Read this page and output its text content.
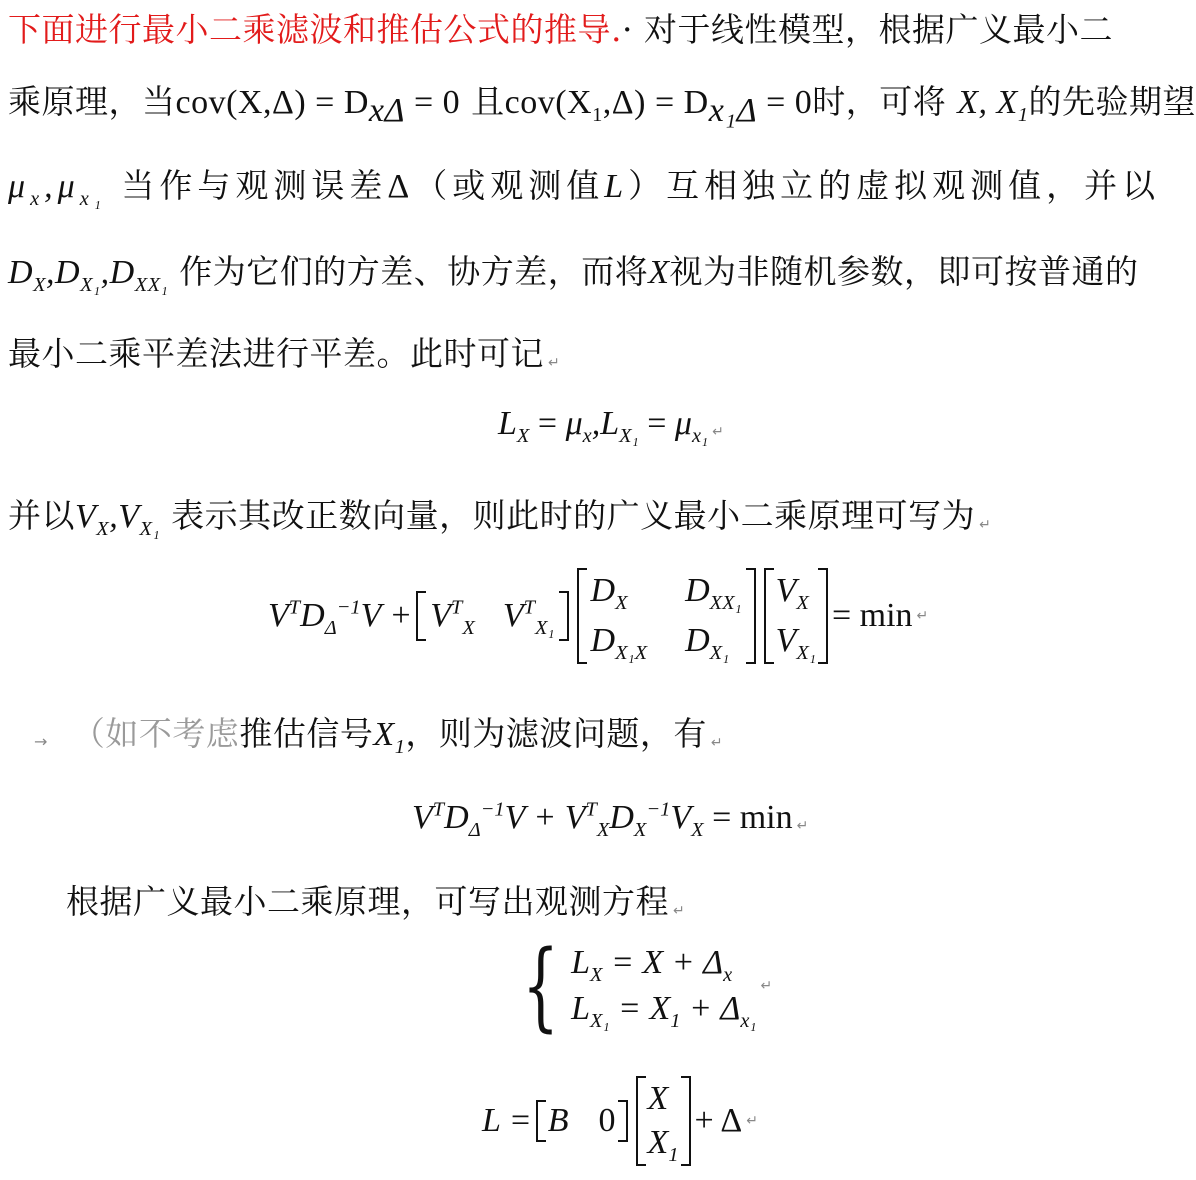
下面进行最小二乘滤波和推估公式的推导.· 对于线性模型，根据广义最小二
乘原理，当$cov(X,\Delta) = D_{x\Delta} = 0$ 且$cov(X_1,\Delta) = D_{x_1\Delta} = 0$时，可将 X, $X_1$的先验期望
$\mu_x,\mu_{x_1}$ 当作与观测误差Δ（或观测值L）互相独立的虚拟观测值，并以
$D_X,D_{X_1},D_{XX_1}$ 作为它们的方差、协方差，而将X视为非随机参数，即可按普通的
最小二乘平差法进行平差。此时可记 ↵
$L_X = \mu_x,L_{X_1} = \mu_{x_1}$ ↵
并以$V_X,V_{X_1}$ 表示其改正数向量，则此时的广义最小二乘原理可写为 ↵
$V^TD_\Delta^{-1}V + V^T_X$ $V^T_{X_1}$
$D_X$	$D_{XX_1}$
$D_{X_1X}$ $D_{X_1}$
$V_X$
$V_{X_1}$
= min ↵
→ （如不考虑推估信号$X_1$，则为滤波问题，有 ↵
$V^TD_\Delta^{-1}V + V^T_XD_X^{-1}V_X = \min$ ↵
根据广义最小二乘原理，可写出观测方程 ↵
{ $L_X = X + \Delta_x$
$L_{X_1} = X_1 + \Delta_{x_1}$
↵
L = B 0
X
$X_1$
+ Δ ↵
